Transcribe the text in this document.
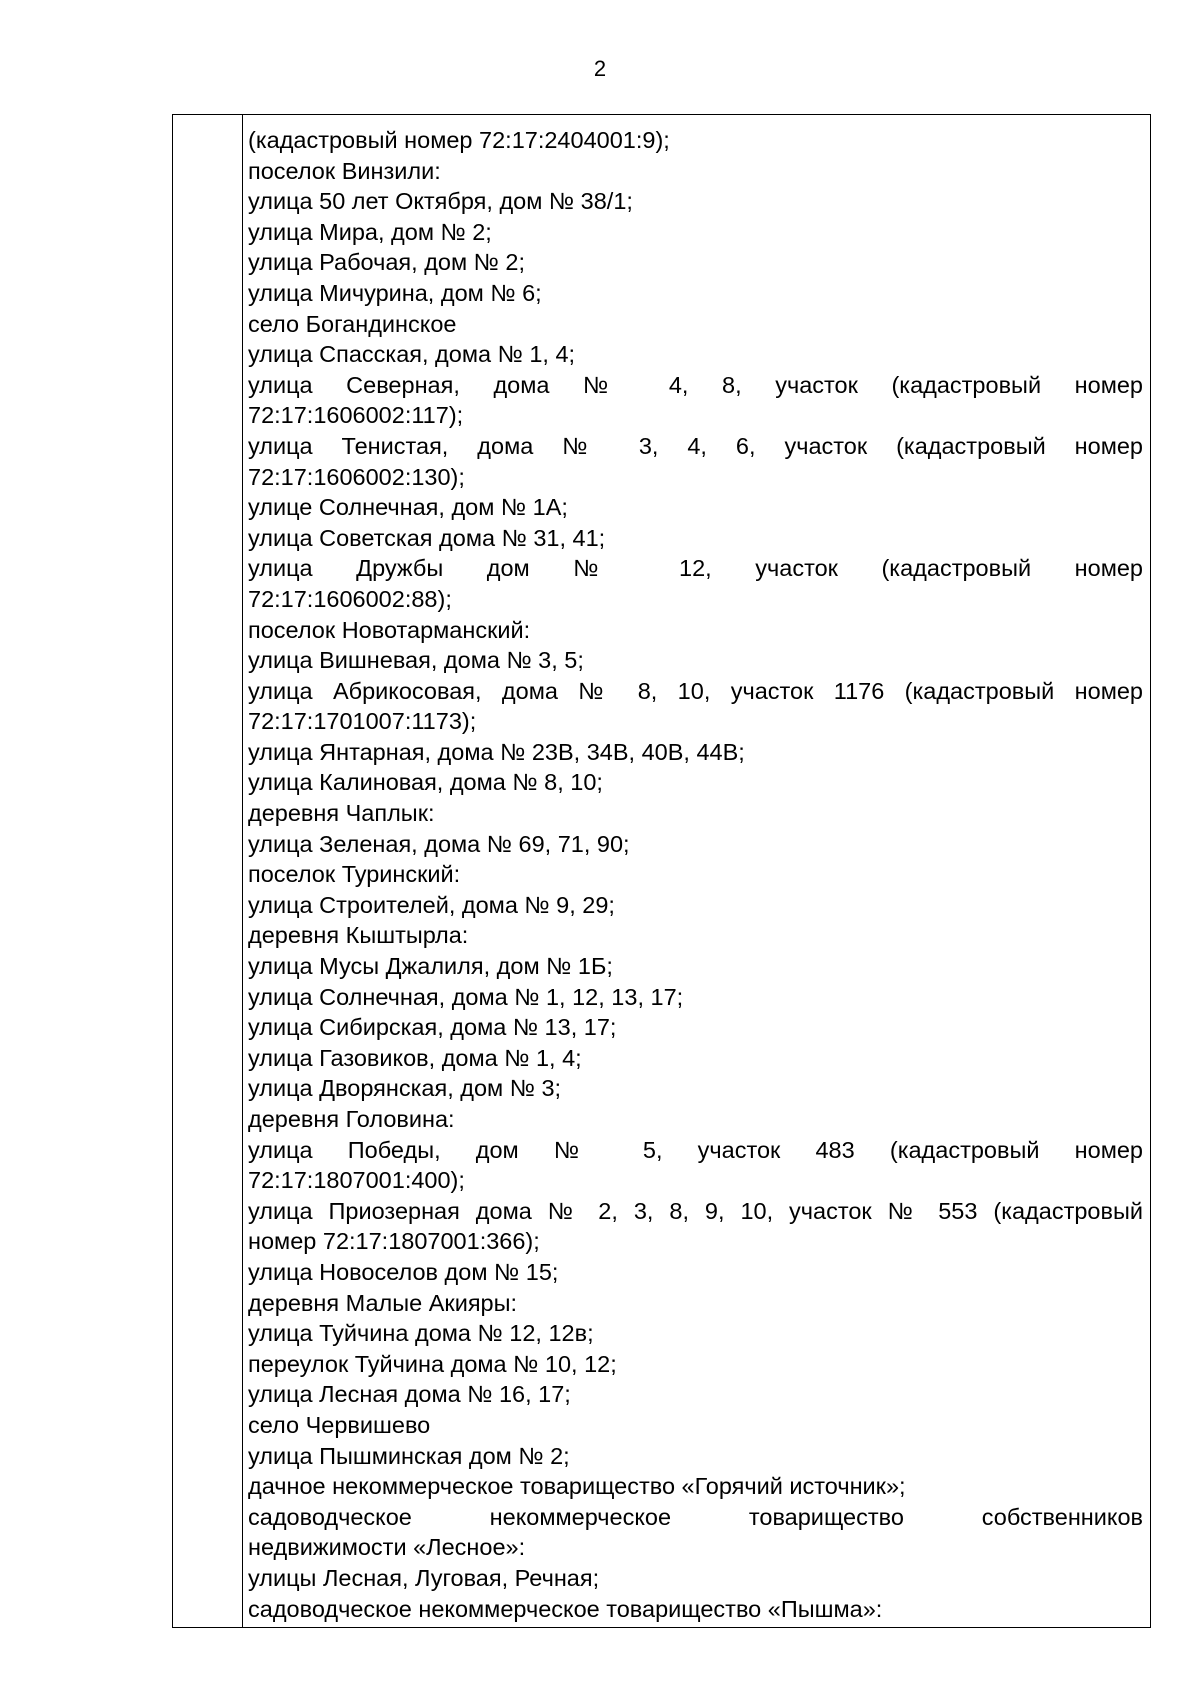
2
(кадастровый номер 72:17:2404001:9);
поселок Винзили:
улица 50 лет Октября, дом № 38/1;
улица Мира, дом № 2;
улица Рабочая, дом № 2;
улица Мичурина, дом № 6;
село Богандинское
улица Спасская, дома № 1, 4;
улица Северная, дома № 4, 8, участок (кадастровый номер
72:17:1606002:117);
улица Тенистая, дома № 3, 4, 6, участок (кадастровый номер
72:17:1606002:130);
улице Солнечная, дом № 1А;
улица Советская дома № 31, 41;
улица Дружбы дом № 12, участок (кадастровый номер
72:17:1606002:88);
поселок Новотарманский:
улица Вишневая, дома № 3, 5;
улица Абрикосовая, дома № 8, 10, участок 1176 (кадастровый номер
72:17:1701007:1173);
улица Янтарная, дома № 23В, 34В, 40В, 44В;
улица Калиновая, дома № 8, 10;
деревня Чаплык:
улица Зеленая, дома № 69, 71, 90;
поселок Туринский:
улица Строителей, дома № 9, 29;
деревня Кыштырла:
улица Мусы Джалиля, дом № 1Б;
улица Солнечная, дома № 1, 12, 13, 17;
улица Сибирская, дома № 13, 17;
улица Газовиков, дома № 1, 4;
улица Дворянская, дом № 3;
деревня Головина:
улица Победы, дом № 5, участок 483 (кадастровый номер
72:17:1807001:400);
улица Приозерная дома № 2, 3, 8, 9, 10, участок № 553 (кадастровый
номер 72:17:1807001:366);
улица Новоселов дом № 15;
деревня Малые Акияры:
улица Туйчина дома № 12, 12в;
переулок Туйчина дома № 10, 12;
улица Лесная дома № 16, 17;
село Червишево
улица Пышминская дом № 2;
дачное некоммерческое товарищество «Горячий источник»;
садоводческое некоммерческое товарищество собственников
недвижимости «Лесное»:
улицы Лесная, Луговая, Речная;
садоводческое некоммерческое товарищество «Пышма»:
